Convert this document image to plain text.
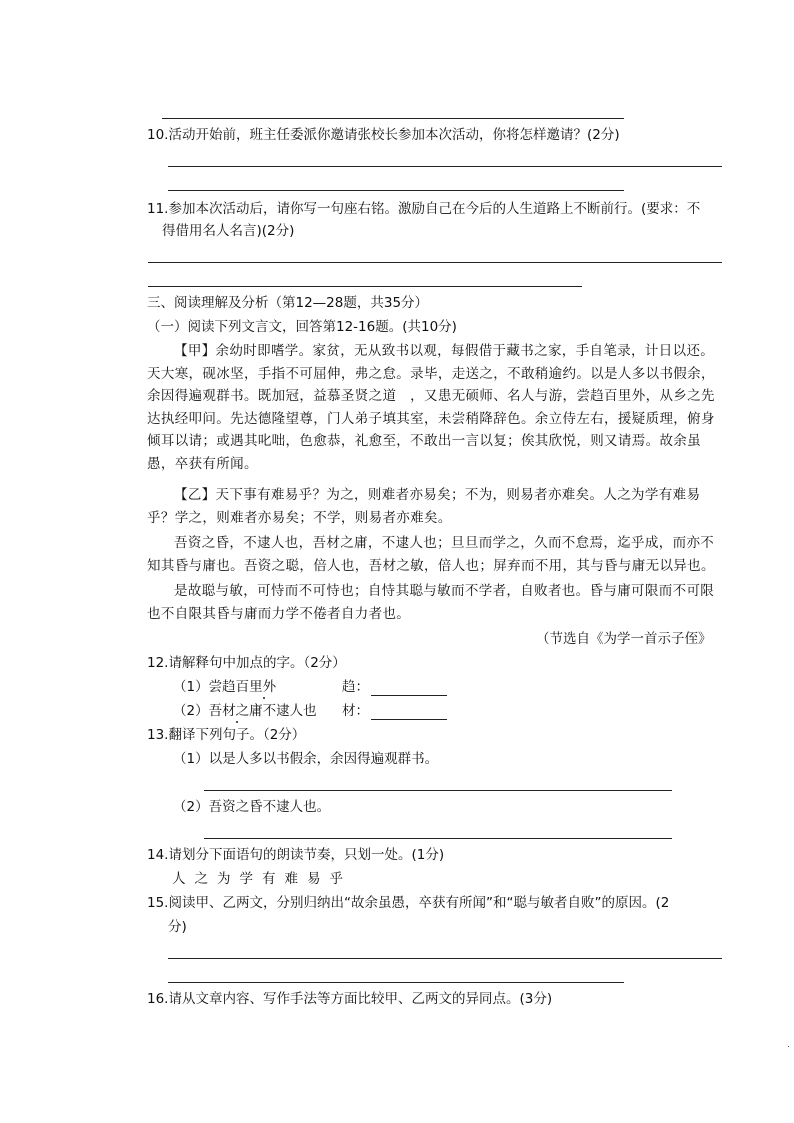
10.活动开始前，班主任委派你邀请张校长参加本次活动，你将怎样邀请？(2分)
11.参加本次活动后，请你写一句座右铭。激励自己在今后的人生道路上不断前行。(要求：不
得借用名人名言)(2分)
三、阅读理解及分析（第12—28题，共35分）
（一）阅读下列文言文，回答第12-16题。(共10分)
【甲】余幼时即嗜学。家贫，无从致书以观，每假借于藏书之家，手自笔录，计日以还。天大寒，砚冰坚，手指不可屈伸，弗之怠。录毕，走送之，不敢稍逾约。以是人多以书假余，余因得遍观群书。既加冠，益慕圣贤之道　，又患无硕师、名人与游，尝趋百里外，从乡之先达执经叩问。先达德隆望尊，门人弟子填其室，未尝稍降辞色。余立侍左右，援疑质理，俯身倾耳以请；或遇其叱咄，色愈恭，礼愈至，不敢出一言以复；俟其欣悦，则又请焉。故余虽愚，卒获有所闻。
【乙】天下事有难易乎？为之，则难者亦易矣；不为，则易者亦难矣。人之为学有难易乎？学之，则难者亦易矣；不学，则易者亦难矣。
吾资之昏，不逮人也，吾材之庸，不逮人也；旦旦而学之，久而不怠焉，迄乎成，而亦不知其昏与庸也。吾资之聪，倍人也，吾材之敏，倍人也；屏弃而不用，其与昏与庸无以异也。
是故聪与敏，可恃而不可恃也；自恃其聪与敏而不学者，自败者也。昏与庸可限而不可限也不自限其昏与庸而力学不倦者自力者也。
（节选自《为学一首示子侄》
12.请解释句中加点的字。（2分）
（1）尝趋百里外	趋：
（2）吾材之庸不逮人也 材：
13.翻译下列句子。（2分）
（1）以是人多以书假余，余因得遍观群书。
（2）吾资之昏不逮人也。
14.请划分下面语句的朗读节奏，只划一处。(1分)
人之为学有难易乎
15.阅读甲、乙两文，分别归纳出“故余虽愚，卒获有所闻”和“聪与敏者自败”的原因。(2
分)
16.请从文章内容、写作手法等方面比较甲、乙两文的异同点。(3分)
